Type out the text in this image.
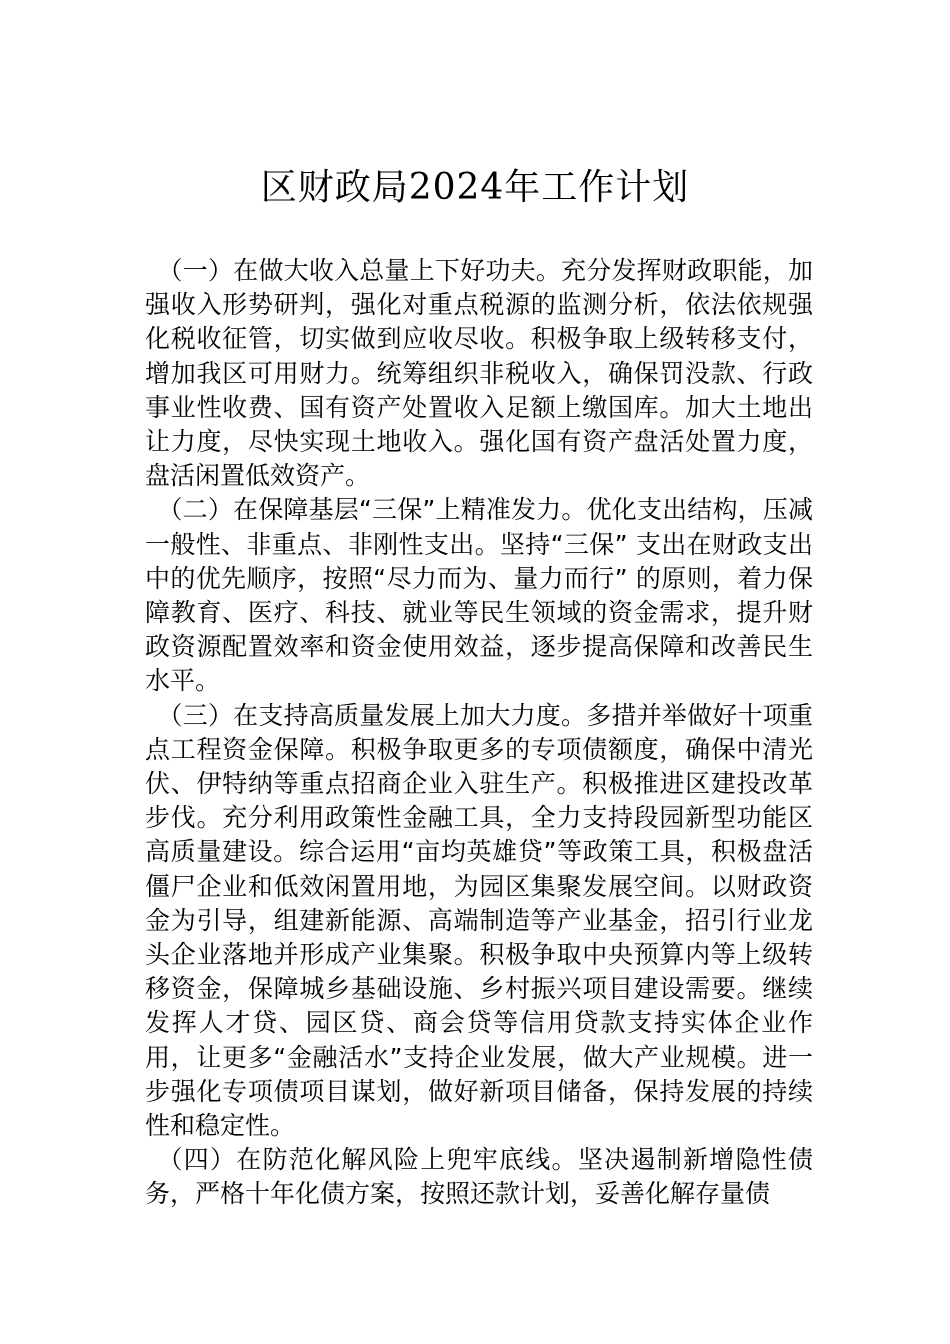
区财政局2024年工作计划

（一）在做大收入总量上下好功夫。充分发挥财政职能，加强收入形势研判，强化对重点税源的监测分析，依法依规强化税收征管，切实做到应收尽收。积极争取上级转移支付，增加我区可用财力。统筹组织非税收入，确保罚没款、行政事业性收费、国有资产处置收入足额上缴国库。加大土地出让力度，尽快实现土地收入。强化国有资产盘活处置力度，盘活闲置低效资产。

（二）在保障基层“三保”上精准发力。优化支出结构，压减一般性、非重点、非刚性支出。坚持“三保” 支出在财政支出中的优先顺序，按照“尽力而为、量力而行” 的原则，着力保障教育、医疗、科技、就业等民生领域的资金需求，提升财政资源配置效率和资金使用效益，逐步提高保障和改善民生水平。

（三）在支持高质量发展上加大力度。多措并举做好十项重点工程资金保障。积极争取更多的专项债额度，确保中清光伏、伊特纳等重点招商企业入驻生产。积极推进区建投改革步伐。充分利用政策性金融工具，全力支持段园新型功能区高质量建设。综合运用“亩均英雄贷”等政策工具，积极盘活僵尸企业和低效闲置用地，为园区集聚发展空间。以财政资金为引导，组建新能源、高端制造等产业基金，招引行业龙头企业落地并形成产业集聚。积极争取中央预算内等上级转移资金，保障城乡基础设施、乡村振兴项目建设需要。继续发挥人才贷、园区贷、商会贷等信用贷款支持实体企业作用，让更多“金融活水”支持企业发展，做大产业规模。进一步强化专项债项目谋划，做好新项目储备，保持发展的持续性和稳定性。

（四）在防范化解风险上兜牢底线。坚决遏制新增隐性债务，严格十年化债方案，按照还款计划，妥善化解存量债
